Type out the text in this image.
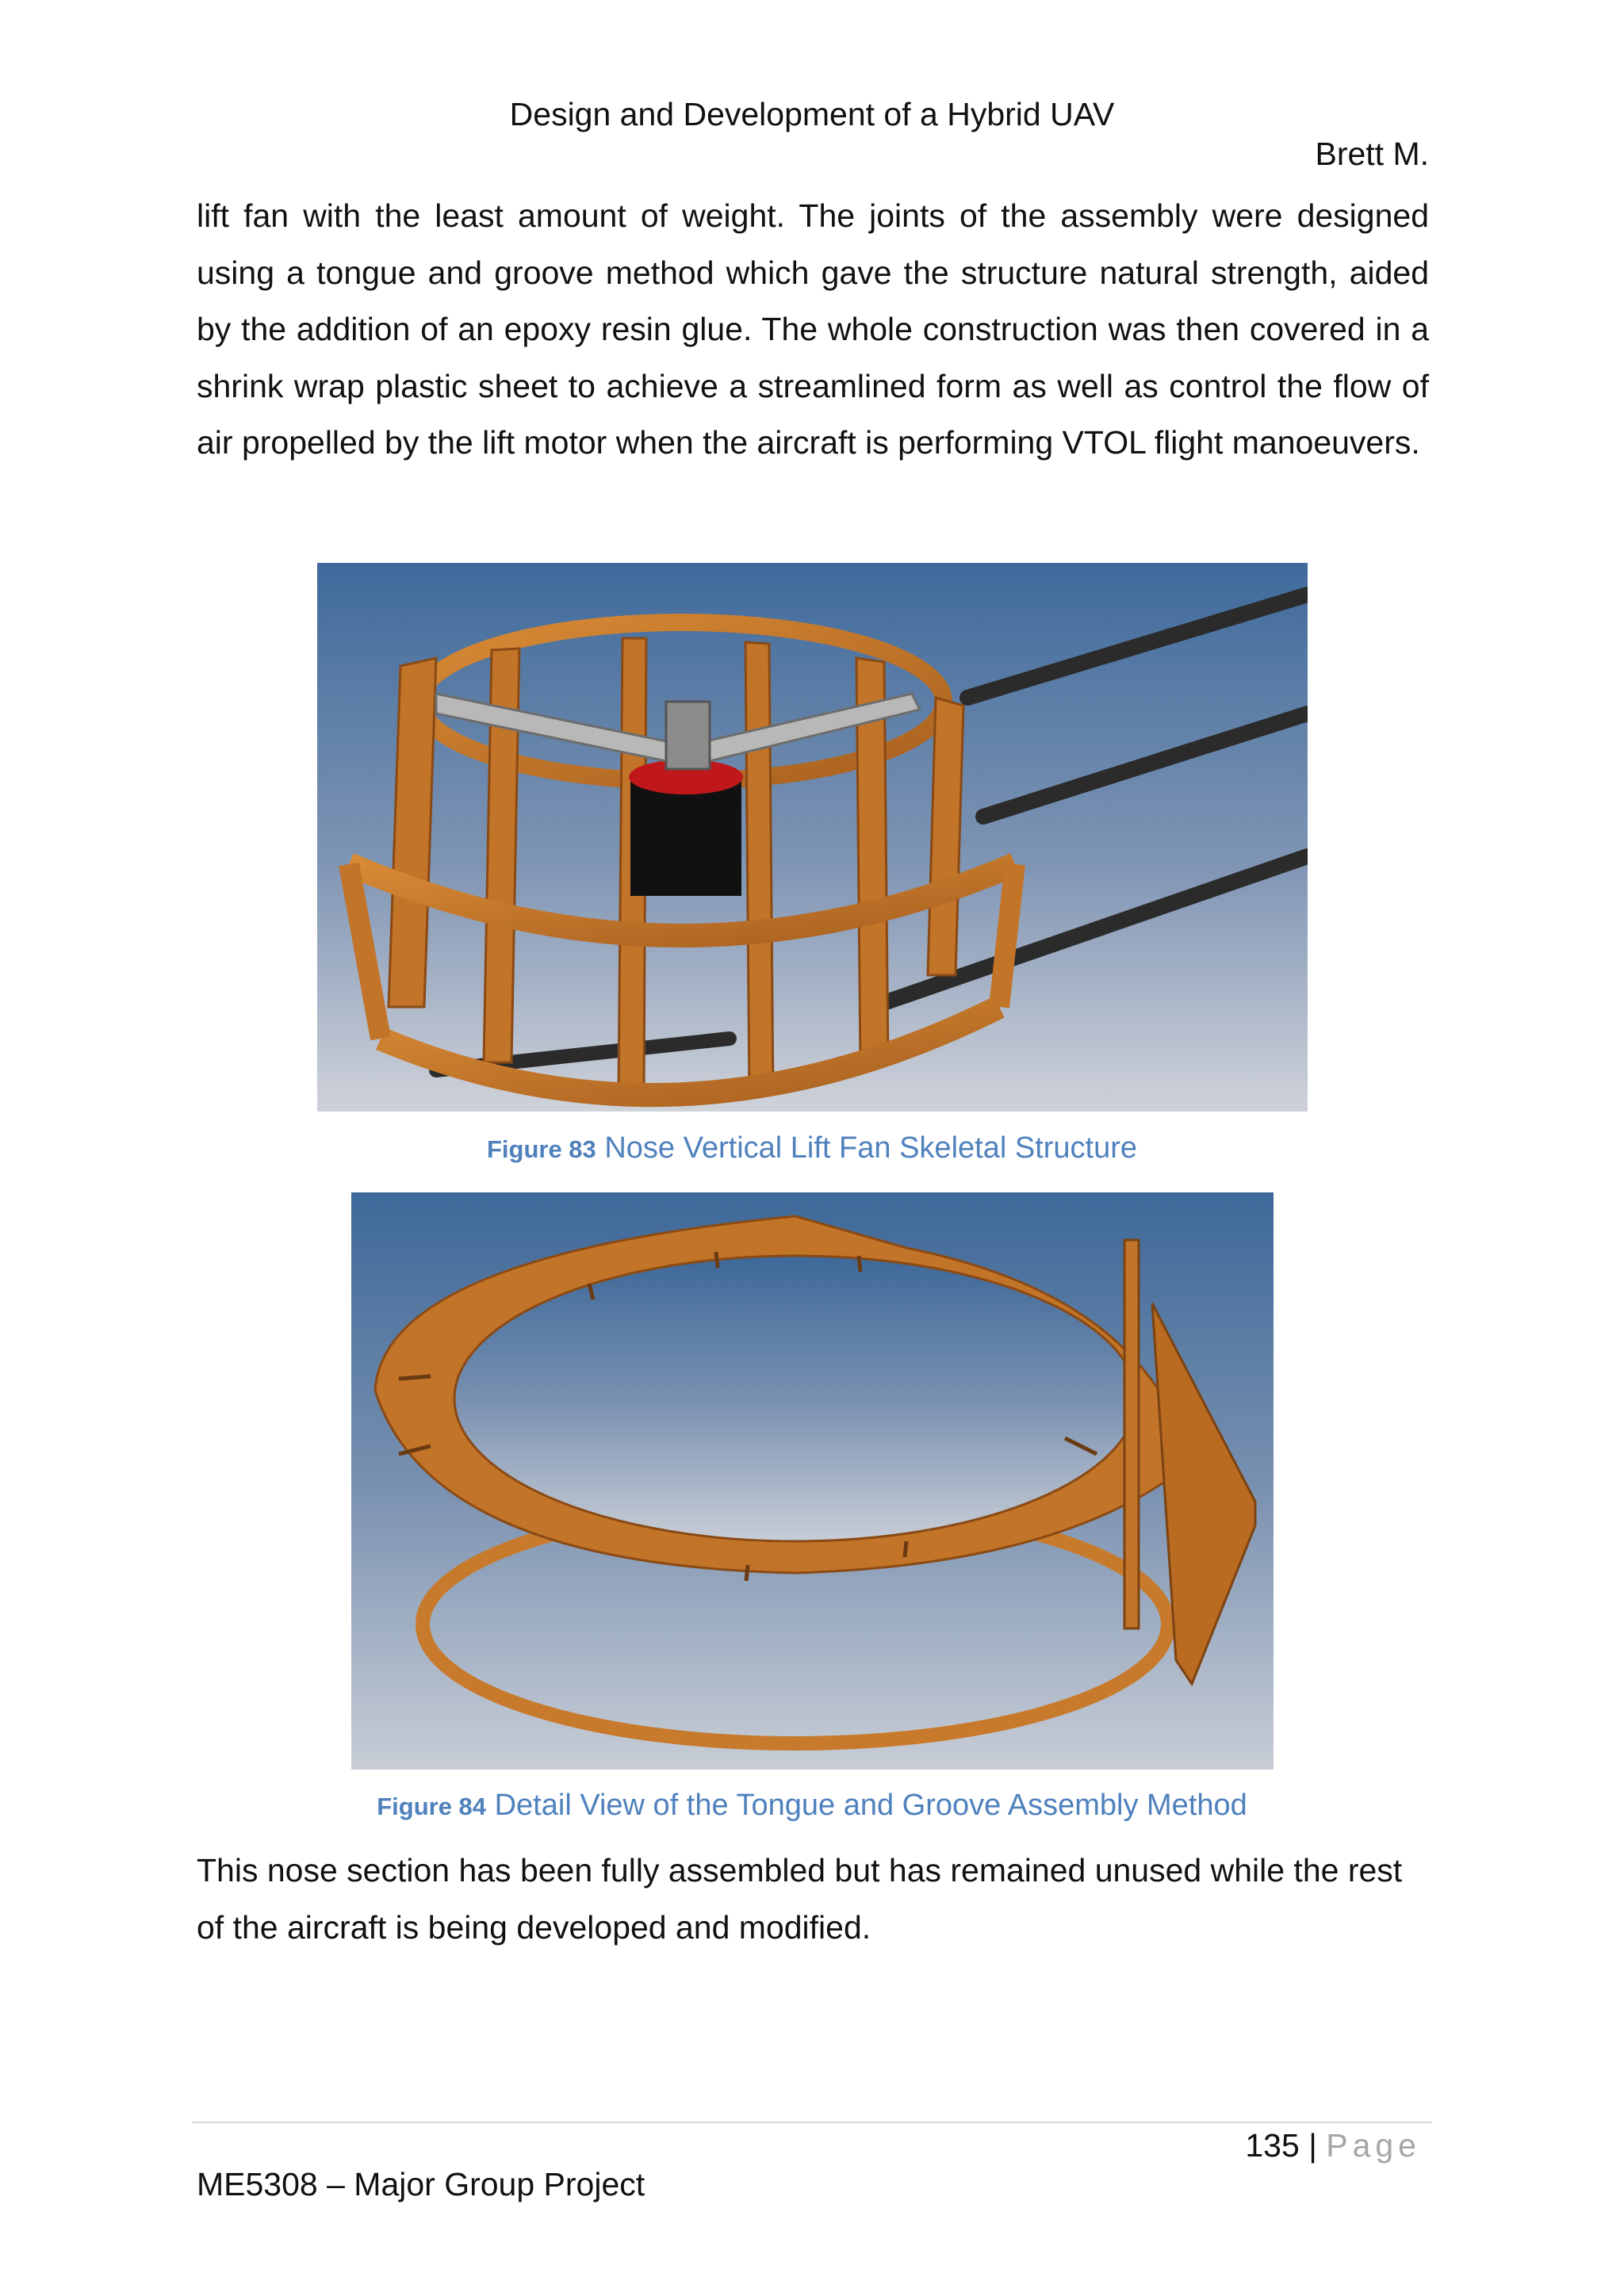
Design and Development of a Hybrid UAV
Brett M.

lift fan with the least amount of weight. The joints of the assembly were designed using a tongue and groove method which gave the structure natural strength, aided by the addition of an epoxy resin glue. The whole construction was then covered in a shrink wrap plastic sheet to achieve a streamlined form as well as control the flow of air propelled by the lift motor when the aircraft is performing VTOL flight manoeuvers.

Figure 83 Nose Vertical Lift Fan Skeletal Structure
Figure 84 Detail View of the Tongue and Groove Assembly Method

This nose section has been fully assembled but has remained unused while the rest of the aircraft is being developed and modified.

135 | Page
ME5308 – Major Group Project
